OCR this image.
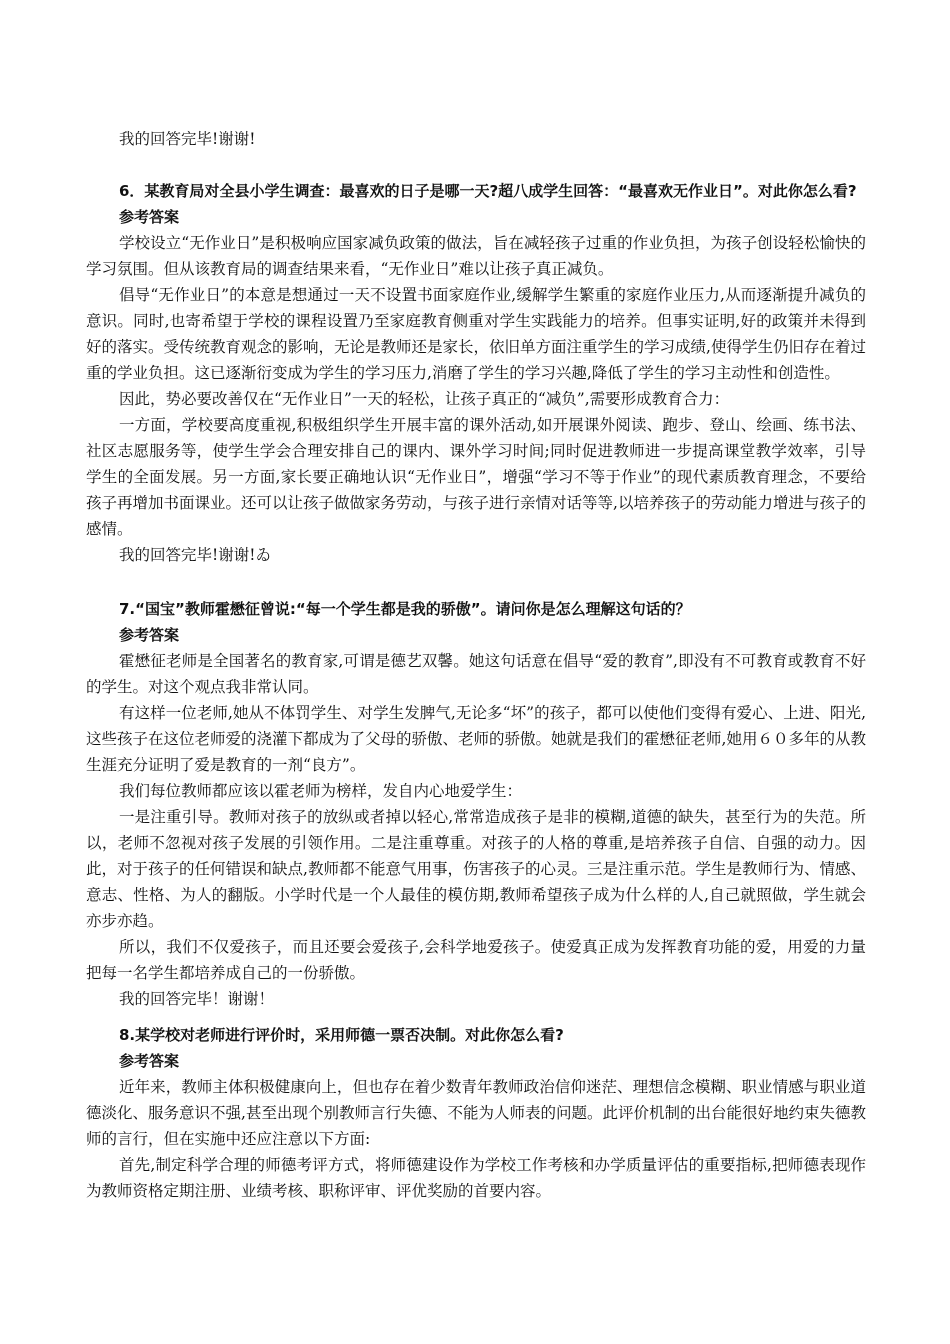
我的回答完毕!谢谢!

6．某教育局对全县小学生调查：最喜欢的日子是哪一天?超八成学生回答：“最喜欢无作业日”。对此你怎么看?

参考答案

学校设立“无作业日”是积极响应国家减负政策的做法，旨在减轻孩子过重的作业负担，为孩子创设轻松愉快的学习氛围。但从该教育局的调查结果来看，“无作业日”难以让孩子真正减负。

倡导“无作业日”的本意是想通过一天不设置书面家庭作业,缓解学生繁重的家庭作业压力,从而逐渐提升减负的意识。同时,也寄希望于学校的课程设置乃至家庭教育侧重对学生实践能力的培养。但事实证明,好的政策并未得到好的落实。受传统教育观念的影响，无论是教师还是家长，依旧单方面注重学生的学习成绩,使得学生仍旧存在着过重的学业负担。这已逐渐衍变成为学生的学习压力,消磨了学生的学习兴趣,降低了学生的学习主动性和创造性。

因此，势必要改善仅在“无作业日”一天的轻松，让孩子真正的“减负”,需要形成教育合力：

一方面，学校要高度重视,积极组织学生开展丰富的课外活动,如开展课外阅读、跑步、登山、绘画、练书法、社区志愿服务等，使学生学会合理安排自己的课内、课外学习时间;同时促进教师进一步提高课堂教学效率，引导学生的全面发展。另一方面,家长要正确地认识“无作业日”，增强“学习不等于作业”的现代素质教育理念，不要给孩子再增加书面课业。还可以让孩子做做家务劳动，与孩子进行亲情对话等等,以培养孩子的劳动能力增进与孩子的感情。

我的回答完毕!谢谢!ゐ

7.“国宝”教师霍懋征曾说:“每一个学生都是我的骄傲”。请问你是怎么理解这句话的？

参考答案

霍懋征老师是全国著名的教育家,可谓是德艺双馨。她这句话意在倡导“爱的教育”,即没有不可教育或教育不好的学生。对这个观点我非常认同。

有这样一位老师,她从不体罚学生、对学生发脾气,无论多“坏”的孩子，都可以使他们变得有爱心、上进、阳光,这些孩子在这位老师爱的浇灌下都成为了父母的骄傲、老师的骄傲。她就是我们的霍懋征老师,她用６０多年的从教生涯充分证明了爱是教育的一剂“良方”。

我们每位教师都应该以霍老师为榜样，发自内心地爱学生：

一是注重引导。教师对孩子的放纵或者掉以轻心,常常造成孩子是非的模糊,道德的缺失，甚至行为的失范。所以，老师不忽视对孩子发展的引领作用。二是注重尊重。对孩子的人格的尊重,是培养孩子自信、自强的动力。因此，对于孩子的任何错误和缺点,教师都不能意气用事，伤害孩子的心灵。三是注重示范。学生是教师行为、情感、意志、性格、为人的翻版。小学时代是一个人最佳的模仿期,教师希望孩子成为什么样的人,自己就照做，学生就会亦步亦趋。

所以，我们不仅爱孩子，而且还要会爱孩子,会科学地爱孩子。使爱真正成为发挥教育功能的爱，用爱的力量把每一名学生都培养成自己的一份骄傲。

我的回答完毕！谢谢！

8.某学校对老师进行评价时，采用师德一票否决制。对此你怎么看?

参考答案

近年来，教师主体积极健康向上，但也存在着少数青年教师政治信仰迷茫、理想信念模糊、职业情感与职业道德淡化、服务意识不强,甚至出现个别教师言行失德、不能为人师表的问题。此评价机制的出台能很好地约束失德教师的言行，但在实施中还应注意以下方面:

首先,制定科学合理的师德考评方式，将师德建设作为学校工作考核和办学质量评估的重要指标,把师德表现作为教师资格定期注册、业绩考核、职称评审、评优奖励的首要内容。
